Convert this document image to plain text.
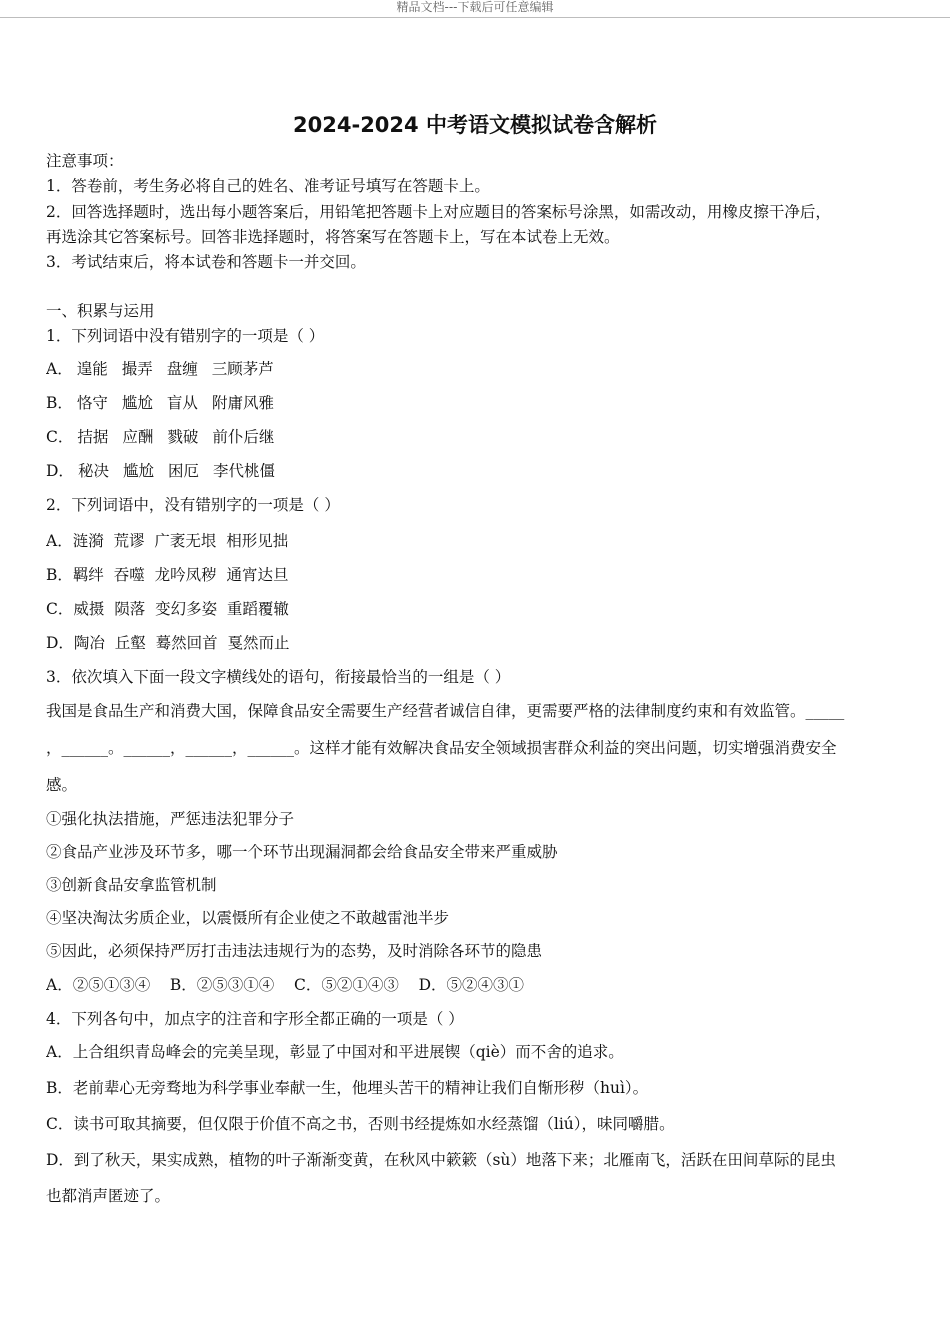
精品文档---下载后可任意编辑
2024-2024 中考语文模拟试卷含解析
注意事项：
1．答卷前，考生务必将自己的姓名、准考证号填写在答题卡上。
2．回答选择题时，选出每小题答案后，用铅笔把答题卡上对应题目的答案标号涂黑，如需改动，用橡皮擦干净后，
再选涂其它答案标号。回答非选择题时，将答案写在答题卡上，写在本试卷上无效。
3．考试结束后，将本试卷和答题卡一并交回。
一、积累与运用
1．下列词语中没有错别字的一项是（ ）
A． 遑能 撮弄 盘缠 三顾茅芦
B． 恪守 尴尬 盲从 附庸风雅
C． 拮据 应酬 戮破 前仆后继
D． 秘决 尴尬 困厄 李代桃僵
2．下列词语中，没有错别字的一项是（ ）
A．涟漪  荒谬  广袤无垠  相形见拙
B．羁绊  吞噬  龙吟凤秽  通宵达旦
C．威摄  陨落  变幻多姿  重蹈覆辙
D．陶冶  丘壑  蓦然回首  戛然而止
3．依次填入下面一段文字横线处的语句，衔接最恰当的一组是（ ）
我国是食品生产和消费大国，保障食品安全需要生产经营者诚信自律，更需要严格的法律制度约束和有效监管。_____
，______。______，______，______。这样才能有效解决食品安全领域损害群众利益的突出问题，切实增强消费安全
感。
①强化执法措施，严惩违法犯罪分子
②食品产业涉及环节多，哪一个环节出现漏洞都会给食品安全带来严重威胁
③创新食品安拿监管机制
④坚决淘汰劣质企业，以震慑所有企业使之不敢越雷池半步
⑤因此，必须保持严厉打击违法违规行为的态势，及时消除各环节的隐患
A．②⑤①③④    B．②⑤③①④    C．⑤②①④③    D．⑤②④③①
4．下列各句中，加点字的注音和字形全都正确的一项是（ ）
A．上合组织青岛峰会的完美呈现，彰显了中国对和平进展锲（qiè）而不舍的追求。
B．老前辈心无旁骛地为科学事业奉献一生，他埋头苦干的精神让我们自惭形秽（huì）。
C．读书可取其摘要，但仅限于价值不高之书，否则书经提炼如水经蒸馏（liú），味同嚼腊。
D．到了秋天，果实成熟，植物的叶子渐渐变黄，在秋风中簌簌（sù）地落下来；北雁南飞，活跃在田间草际的昆虫
也都消声匿迹了。
